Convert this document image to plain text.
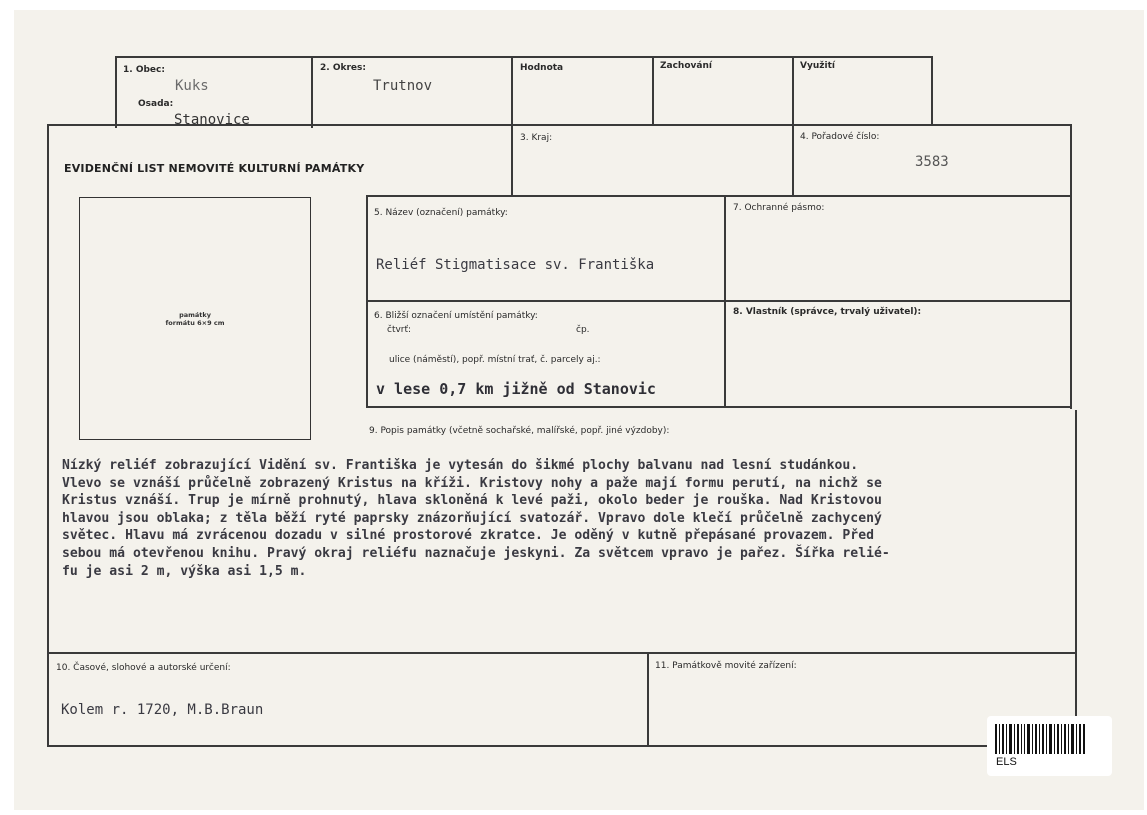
1. Obec:
Kuks
Osada:
Stanovice
2. Okres:
Trutnov
Hodnota	Zachování	Využití
EVIDENČNÍ LIST NEMOVITÉ KULTURNÍ PAMÁTKY
3. Kraj:	4. Pořadové číslo:
3583
památky
formátu 6×9 cm
5. Název (označení) památky:
Reliéf Stigmatisace sv. Františka
7. Ochranné pásmo:
6. Bližší označení umístění památky:
čtvrť:	čp.
ulice (náměstí), popř. místní trať, č. parcely aj.:
v lese 0,7 km jižně od Stanovic
8. Vlastník (správce, trvalý uživatel):
9. Popis památky (včetně sochařské, malířské, popř. jiné výzdoby):
Nízký reliéf zobrazující Vidění sv. Františka je vytesán do šikmé plochy balvanu nad lesní studánkou.
Vlevo se vznáší průčelně zobrazený Kristus na kříži. Kristovy nohy a paže mají formu perutí, na nichž se
Kristus vznáší. Trup je mírně prohnutý, hlava skloněná k levé paži, okolo beder je rouška. Nad Kristovou
hlavou jsou oblaka; z těla běží ryté paprsky znázorňující svatozář. Vpravo dole klečí průčelně zachycený
světec. Hlavu má zvrácenou dozadu v silné prostorové zkratce. Je oděný v kutně přepásané provazem. Před
sebou má otevřenou knihu. Pravý okraj reliéfu naznačuje jeskyni. Za světcem vpravo je pařez. Šířka relié-
fu je asi 2 m, výška asi 1,5 m.
10. Časové, slohové a autorské určení:
Kolem r. 1720, M.B.Braun
11. Památkově movité zařízení:
ELS
